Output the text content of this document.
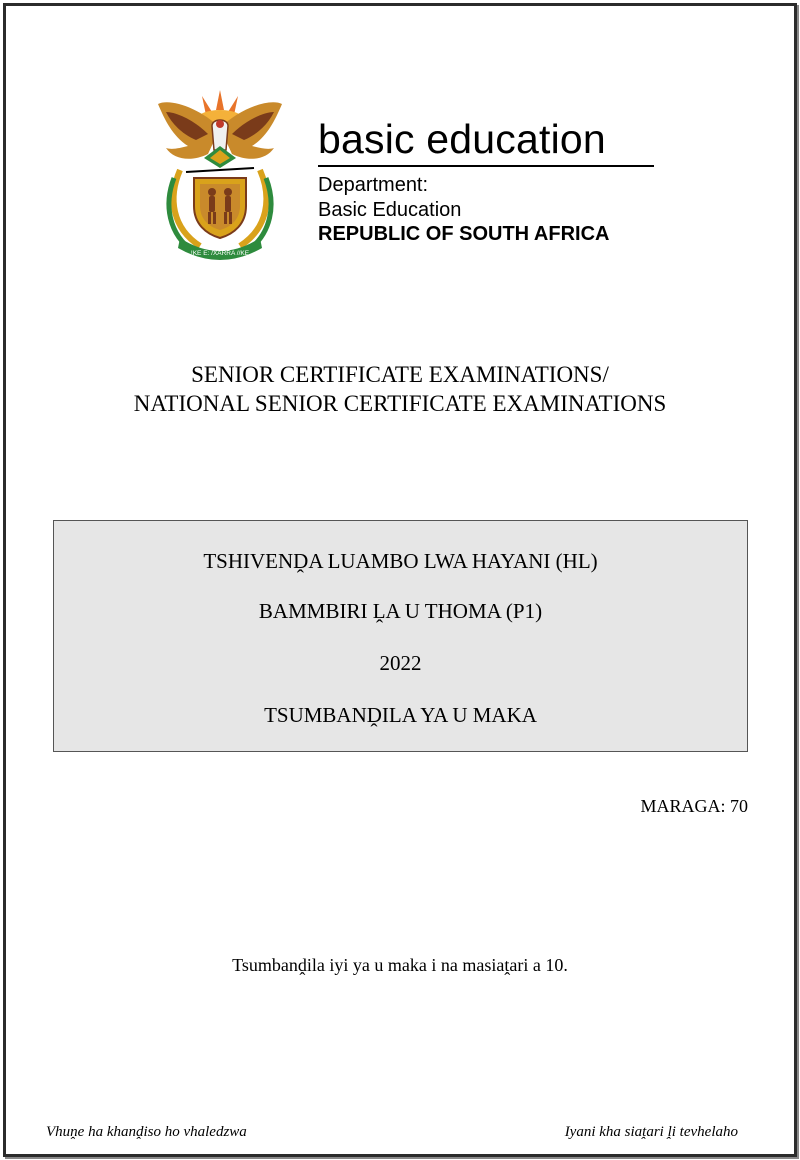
!KE E: /XARRA //KE
basic education
Department:
Basic Education
REPUBLIC OF SOUTH AFRICA
SENIOR CERTIFICATE EXAMINATIONS/
NATIONAL SENIOR CERTIFICATE EXAMINATIONS
TSHIVENḒA LUAMBO LWA HAYANI (HL)
BAMMBIRI ḼA U THOMA (P1)
2022
TSUMBANḒILA YA U MAKA
MARAGA: 70
Tsumbanḓila iyi ya u maka i na masiaṱari a 10.
Vhuṋe ha khanḓiso ho vhaledzwa	Iyani kha siaṱari ḽi tevhelaho
